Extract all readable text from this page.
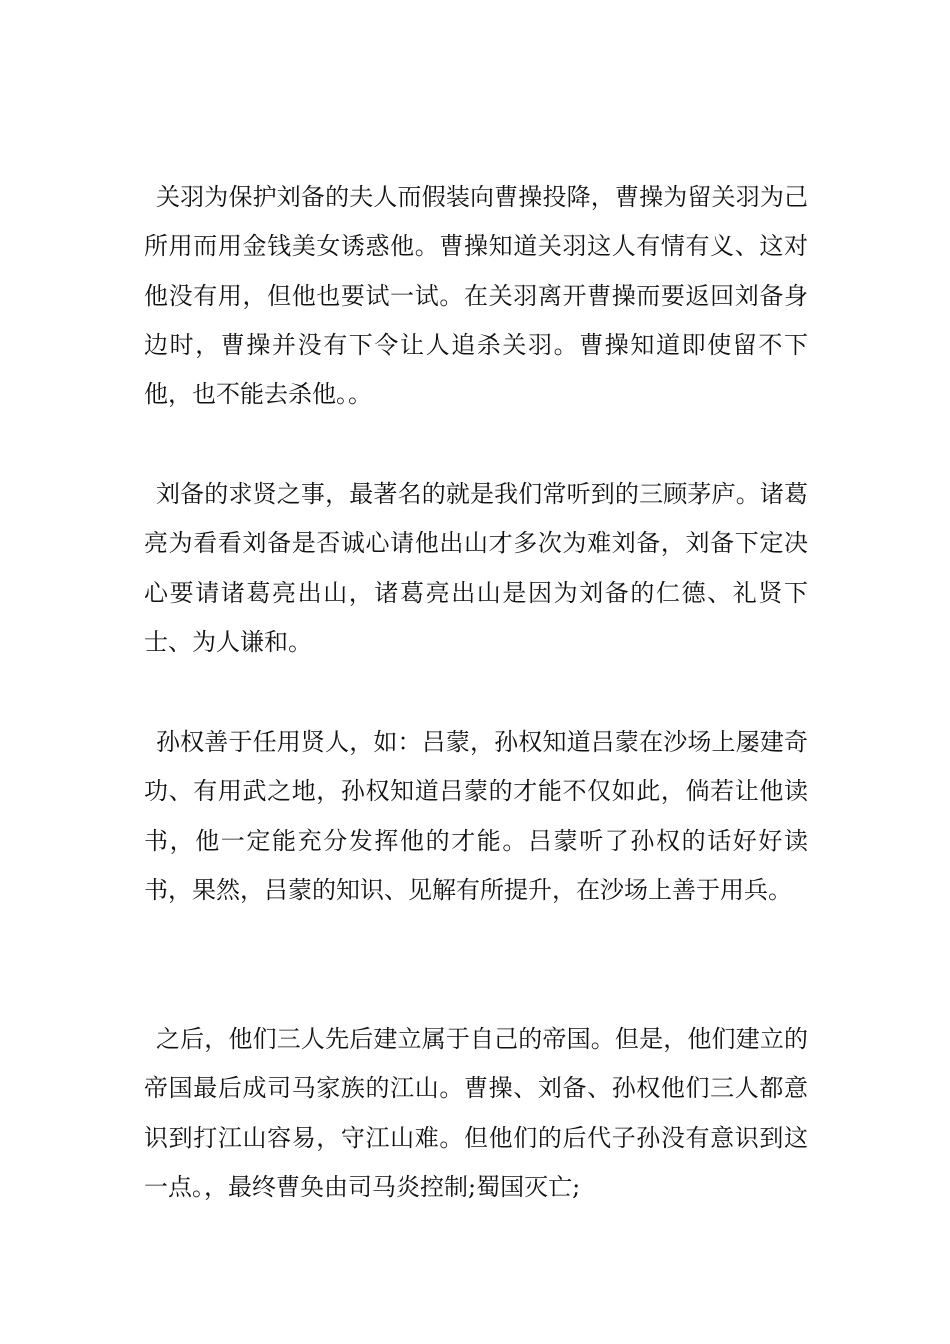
关羽为保护刘备的夫人而假装向曹操投降，曹操为留关羽为己所用而用金钱美女诱惑他。曹操知道关羽这人有情有义、这对他没有用，但他也要试一试。在关羽离开曹操而要返回刘备身边时，曹操并没有下令让人追杀关羽。曹操知道即使留不下他，也不能去杀他。。

刘备的求贤之事，最著名的就是我们常听到的三顾茅庐。诸葛亮为看看刘备是否诚心请他出山才多次为难刘备，刘备下定决心要请诸葛亮出山，诸葛亮出山是因为刘备的仁德、礼贤下士、为人谦和。

孙权善于任用贤人，如：吕蒙，孙权知道吕蒙在沙场上屡建奇功、有用武之地，孙权知道吕蒙的才能不仅如此，倘若让他读书，他一定能充分发挥他的才能。吕蒙听了孙权的话好好读书，果然，吕蒙的知识、见解有所提升，在沙场上善于用兵。

之后，他们三人先后建立属于自己的帝国。但是，他们建立的帝国最后成司马家族的江山。曹操、刘备、孙权他们三人都意识到打江山容易，守江山难。但他们的后代子孙没有意识到这一点。，最终曹奂由司马炎控制;蜀国灭亡;
